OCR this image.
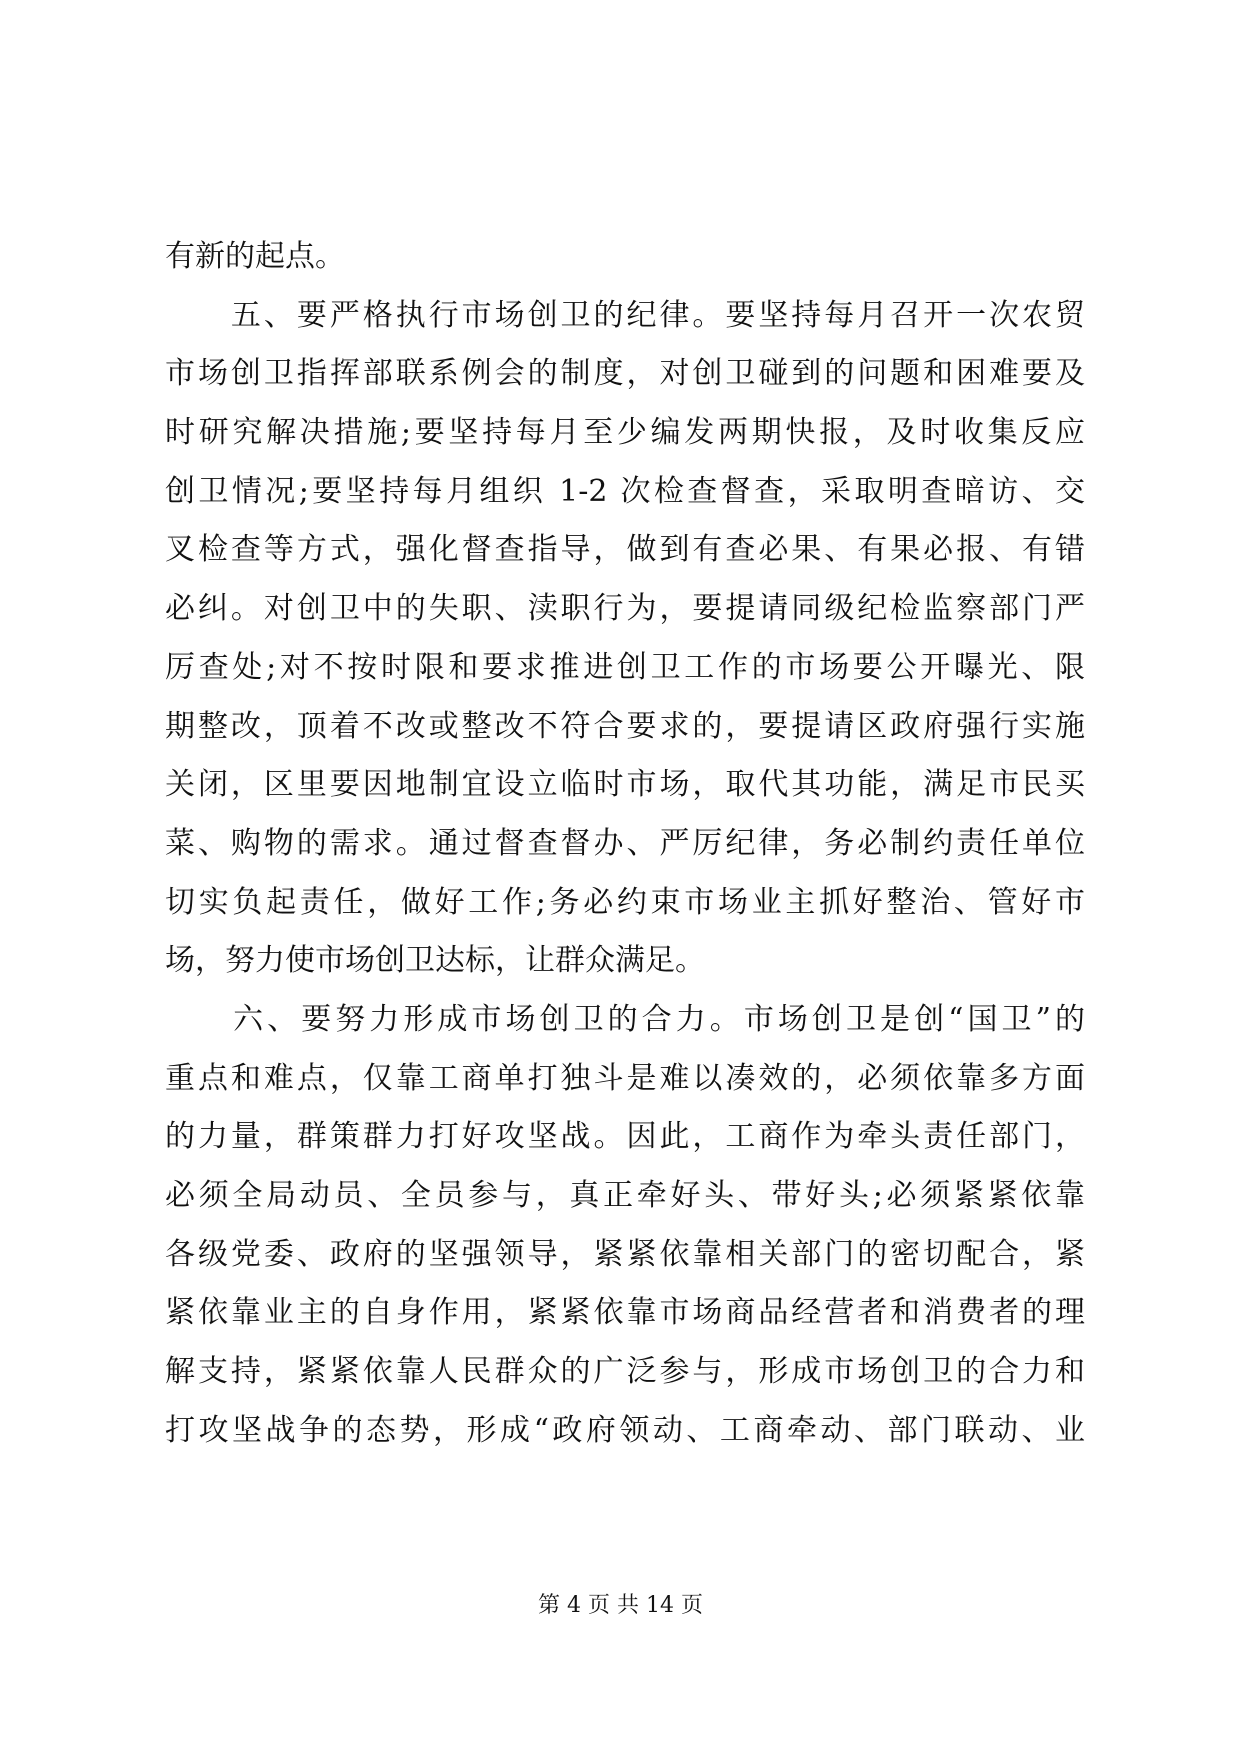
有新的起点。
　　五、要严格执行市场创卫的纪律。要坚持每月召开一次农贸
市场创卫指挥部联系例会的制度，对创卫碰到的问题和困难要及
时研究解决措施;要坚持每月至少编发两期快报，及时收集反应
创卫情况;要坚持每月组织 1-2 次检查督查，采取明查暗访、交
叉检查等方式，强化督查指导，做到有查必果、有果必报、有错
必纠。对创卫中的失职、渎职行为，要提请同级纪检监察部门严
厉查处;对不按时限和要求推进创卫工作的市场要公开曝光、限
期整改，顶着不改或整改不符合要求的，要提请区政府强行实施
关闭，区里要因地制宜设立临时市场，取代其功能，满足市民买
菜、购物的需求。通过督查督办、严厉纪律，务必制约责任单位
切实负起责任，做好工作;务必约束市场业主抓好整治、管好市
场，努力使市场创卫达标，让群众满足。
　　六、要努力形成市场创卫的合力。市场创卫是创“国卫”的
重点和难点，仅靠工商单打独斗是难以凑效的，必须依靠多方面
的力量，群策群力打好攻坚战。因此，工商作为牵头责任部门，
必须全局动员、全员参与，真正牵好头、带好头;必须紧紧依靠
各级党委、政府的坚强领导，紧紧依靠相关部门的密切配合，紧
紧依靠业主的自身作用，紧紧依靠市场商品经营者和消费者的理
解支持，紧紧依靠人民群众的广泛参与，形成市场创卫的合力和
打攻坚战争的态势，形成“政府领动、工商牵动、部门联动、业
第 4 页 共 14 页
